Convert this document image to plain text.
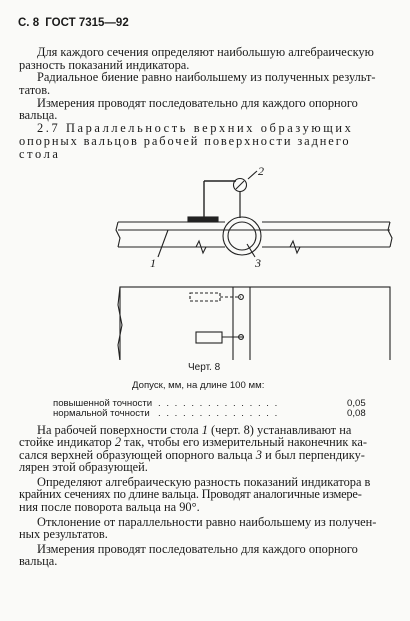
С. 8 ГОСТ 7315—92
Для каждого сечения определяют наибольшую алгебраическую
разность показаний индикатора.
Радиальное биение равно наибольшему из полученных результ-
татов.
Измерения проводят последовательно для каждого опорного
вальца.
2.7 Параллельность верхних образующих
опорных вальцов рабочей поверхности заднего
стола
2
1	3
Черт. 8
Допуск, мм, на длине 100 мм:
повышенной точности . . . . . . . . . . . . . . .	0,05
нормальной точности . . . . . . . . . . . . . . .	0,08
На рабочей поверхности стола 1 (черт. 8) устанавливают на
стойке индикатор 2 так, чтобы его измерительный наконечник ка-
сался верхней образующей опорного вальца 3 и был перпендику-
лярен этой образующей.
Определяют алгебраическую разность показаний индикатора в
крайних сечениях по длине вальца. Проводят аналогичные измере-
ния после поворота вальца на 90°.
Отклонение от параллельности равно наибольшему из получен-
ных результатов.
Измерения проводят последовательно для каждого опорного
вальца.
